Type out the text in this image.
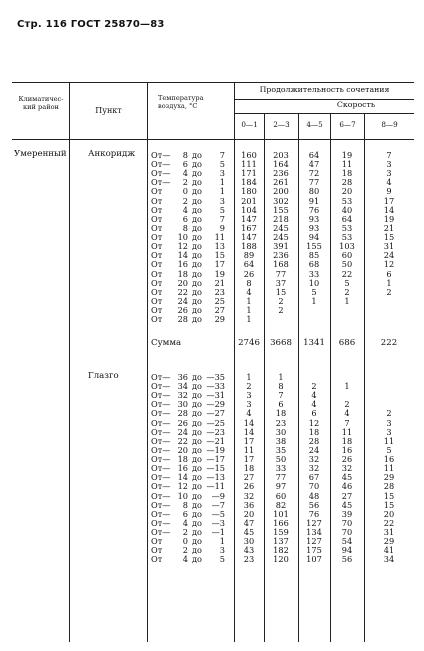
Стр. 116 ГОСТ 25870—83
Климатичес-кий район	Пункт
Температура воздуха, °С
Продолжительность сочетания
Скорость
0—1	2—3	4—5	6—7	8—9
Умеренный Анкоридж От—	8 до	7	160	203	64	19	7
От—	6 до	5	111	164	47	11	3
От—	4 до	3	171	236	72	18	3
От—	2 до	1	184	261	77	28	4
От	0 до	1	180	200	80	20	9
От	2 до	3	201	302	91	53	17
От	4 до	5	104	155	76	40	14
От	6 до	7	147	218	93	64	19
От	8 до	9	167	245	93	53	21
От	10 до	11	147	245	94	53	15
От	12 до	13	188	391	155	103	31
От	14 до	15	89	236	85	60	24
От	16 до	17	64	168	68	50	12
От	18 до	19	26	77	33	22	6
От	20 до	21	8	37	10	5	1
От	22 до	23	4	15	5	2	2
От	24 до	25	1	2	1	1
От	26 до	27	1	2
От	28 до	29	1
Сумма	2746	3668	1341	686	222
Глазго	От— 36 до —35	1	1
От— 34 до —33	2	8	2	1
От— 32 до —31	3	7	4
От— 30 до —29	3	6	4	2
От— 28 до —27	4	18	6	4	2
От— 26 до —25	14	23	12	7	3
От— 24 до —23	14	30	18	11	3
От— 22 до —21	17	38	28	18	11
От— 20 до —19	11	35	24	16	5
От— 18 до —17	17	50	32	26	16
От— 16 до —15	18	33	32	32	11
От— 14 до —13	27	77	67	45	29
От— 12 до —11	26	97	70	46	28
От— 10 до	—9	32	60	48	27	15
От—	8 до	—7	36	82	56	45	15
От—	6 до	—5	20	101	76	39	20
От—	4 до	—3	47	166	127	70	22
От—	2 до	—1	45	159	134	70	31
От	0 до	1	30	137	127	54	29
От	2 до	3	43	182	175	94	41
От	4 до	5	23	120	107	56	34
